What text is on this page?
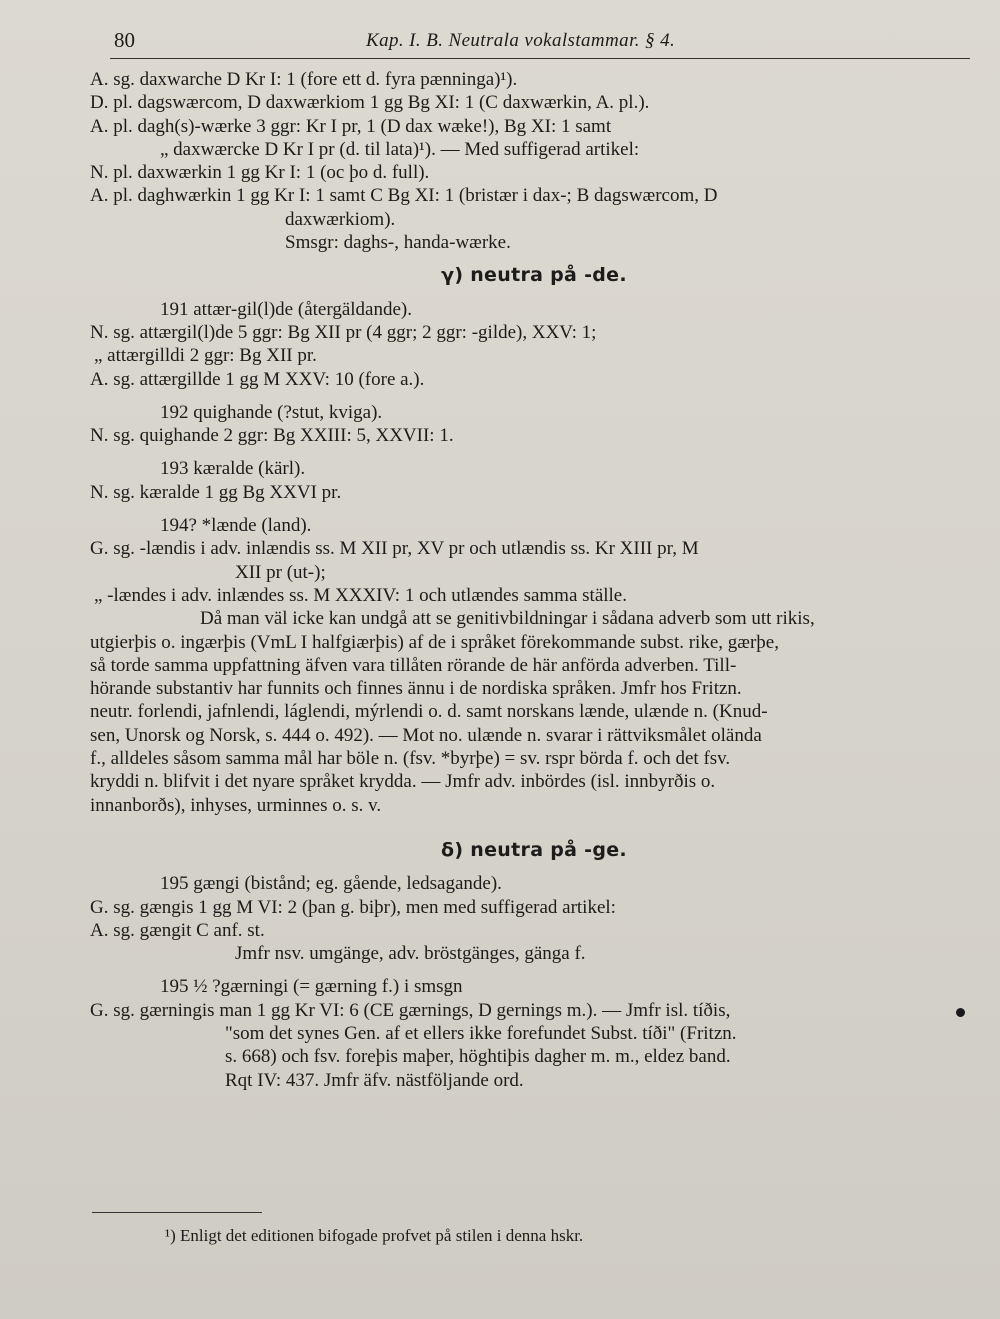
80	Kap. I. B. Neutrala vokalstammar. § 4.
A. sg. daxwarche D Kr I: 1 (fore ett d. fyra pænninga)¹).
D. pl. dagswærcom, D daxwærkiom 1 gg Bg XI: 1 (C daxwærkin, A. pl.).
A. pl. dagh(s)-wærke 3 ggr: Kr I pr, 1 (D dax wæke!), Bg XI: 1 samt
„ daxwærcke D Kr I pr (d. til lata)¹). — Med suffigerad artikel:
N. pl. daxwærkin 1 gg Kr I: 1 (oc þo d. full).
A. pl. daghwærkin 1 gg Kr I: 1 samt C Bg XI: 1 (bristær i dax-; B dagswærcom, D
daxwærkiom).
Smsgr: daghs-, handa-wærke.
γ) neutra på -de.
191 attær-gil(l)de (återgäldande).
N. sg. attærgil(l)de 5 ggr: Bg XII pr (4 ggr; 2 ggr: -gilde), XXV: 1;
„ attærgilldi 2 ggr: Bg XII pr.
A. sg. attærgillde 1 gg M XXV: 10 (fore a.).
192 quighande (?stut, kviga).
N. sg. quighande 2 ggr: Bg XXIII: 5, XXVII: 1.
193 kæralde (kärl).
N. sg. kæralde 1 gg Bg XXVI pr.
194? *lænde (land).
G. sg. -lændis i adv. inlændis ss. M XII pr, XV pr och utlændis ss. Kr XIII pr, M
XII pr (ut-);
„ -lændes i adv. inlændes ss. M XXXIV: 1 och utlændes samma ställe.
Då man väl icke kan undgå att se genitivbildningar i sådana adverb som utt rikis,
utgierþis o. ingærþis (VmL I halfgiærþis) af de i språket förekommande subst. rike, gærþe,
så torde samma uppfattning äfven vara tillåten rörande de här anförda adverben. Till-
hörande substantiv har funnits och finnes ännu i de nordiska språken. Jmfr hos Fritzn.
neutr. forlendi, jafnlendi, láglendi, mýrlendi o. d. samt norskans lænde, ulænde n. (Knud-
sen, Unorsk og Norsk, s. 444 o. 492). — Mot no. ulænde n. svarar i rättviksmålet olända
f., alldeles såsom samma mål har böle n. (fsv. *byrþe) = sv. rspr börda f. och det fsv.
kryddi n. blifvit i det nyare språket krydda. — Jmfr adv. inbördes (isl. innbyrðis o.
innanborðs), inhyses, urminnes o. s. v.
δ) neutra på -ge.
195 gængi (bistånd; eg. gående, ledsagande).
G. sg. gængis 1 gg M VI: 2 (þan g. biþr), men med suffigerad artikel:
A. sg. gængit C anf. st.
Jmfr nsv. umgänge, adv. bröstgänges, gänga f.
195 ½ ?gærningi (= gærning f.) i smsgn
G. sg. gærningis man 1 gg Kr VI: 6 (CE gærnings, D gernings m.). — Jmfr isl. tíðis,
"som det synes Gen. af et ellers ikke forefundet Subst. tíði" (Fritzn.
s. 668) och fsv. foreþis maþer, höghtiþis dagher m. m., eldez band.
Rqt IV: 437. Jmfr äfv. nästföljande ord.
¹) Enligt det editionen bifogade profvet på stilen i denna hskr.
